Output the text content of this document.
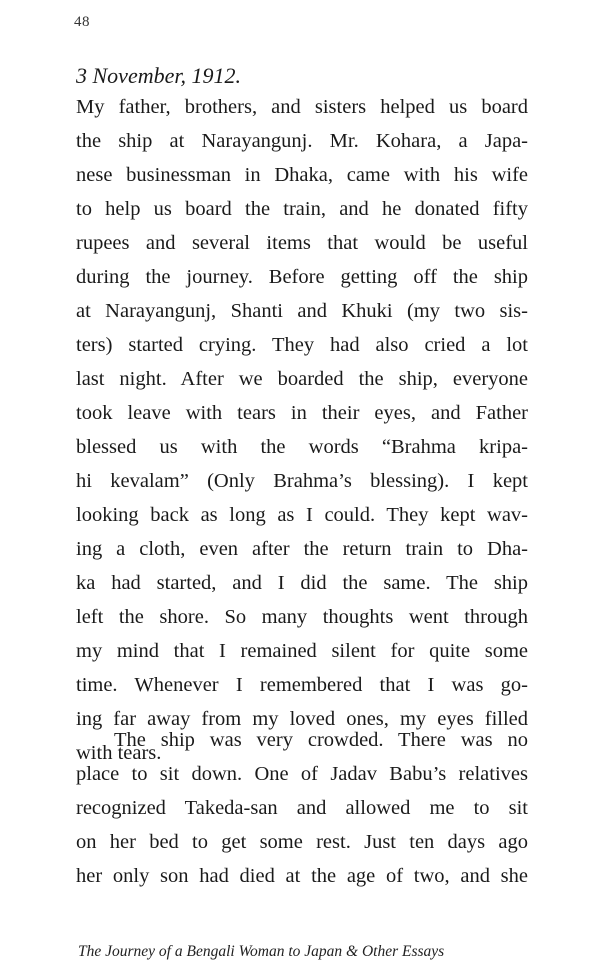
48
3 November, 1912.
My father, brothers, and sisters helped us board
the ship at Narayangunj. Mr. Kohara, a Japa-
nese businessman in Dhaka, came with his wife
to help us board the train, and he donated fifty
rupees and several items that would be useful
during the journey. Before getting off the ship
at Narayangunj, Shanti and Khuki (my two sis-
ters) started crying. They had also cried a lot
last night. After we boarded the ship, everyone
took leave with tears in their eyes, and Father
blessed us with the words “Brahma kripa-
hi kevalam” (Only Brahma’s blessing). I kept
looking back as long as I could. They kept wav-
ing a cloth, even after the return train to Dha-
ka had started, and I did the same. The ship
left the shore. So many thoughts went through
my mind that I remained silent for quite some
time. Whenever I remembered that I was go-
ing far away from my loved ones, my eyes filled
with tears.
The ship was very crowded. There was no
place to sit down. One of Jadav Babu’s relatives
recognized Takeda-san and allowed me to sit
on her bed to get some rest. Just ten days ago
her only son had died at the age of two, and she
The Journey of a Bengali Woman to Japan & Other Essays
